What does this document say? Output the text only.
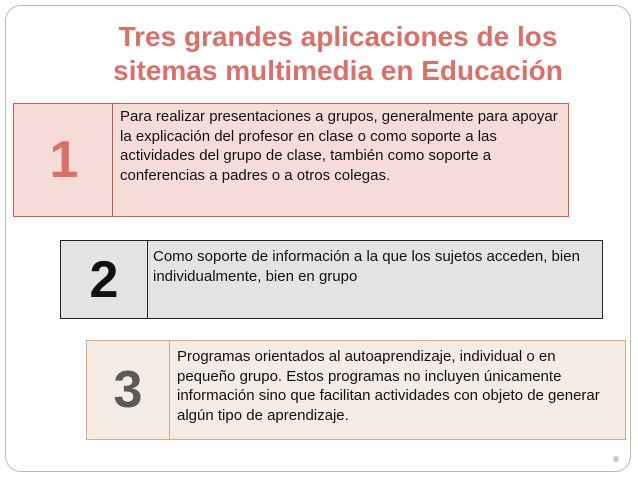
Tres grandes aplicaciones de los
sitemas multimedia en Educación
1
Para realizar presentaciones a grupos, generalmente para apoyar la explicación del profesor en clase o como soporte a las actividades del grupo de clase, también como soporte a conferencias a padres o a otros colegas.
2	Como soporte de información a la que los sujetos acceden, bien individualmente, bien en grupo
3
Programas orientados al autoaprendizaje, individual o en pequeño grupo. Estos programas no incluyen únicamente información sino que facilitan actividades con objeto de generar algún tipo de aprendizaje.
